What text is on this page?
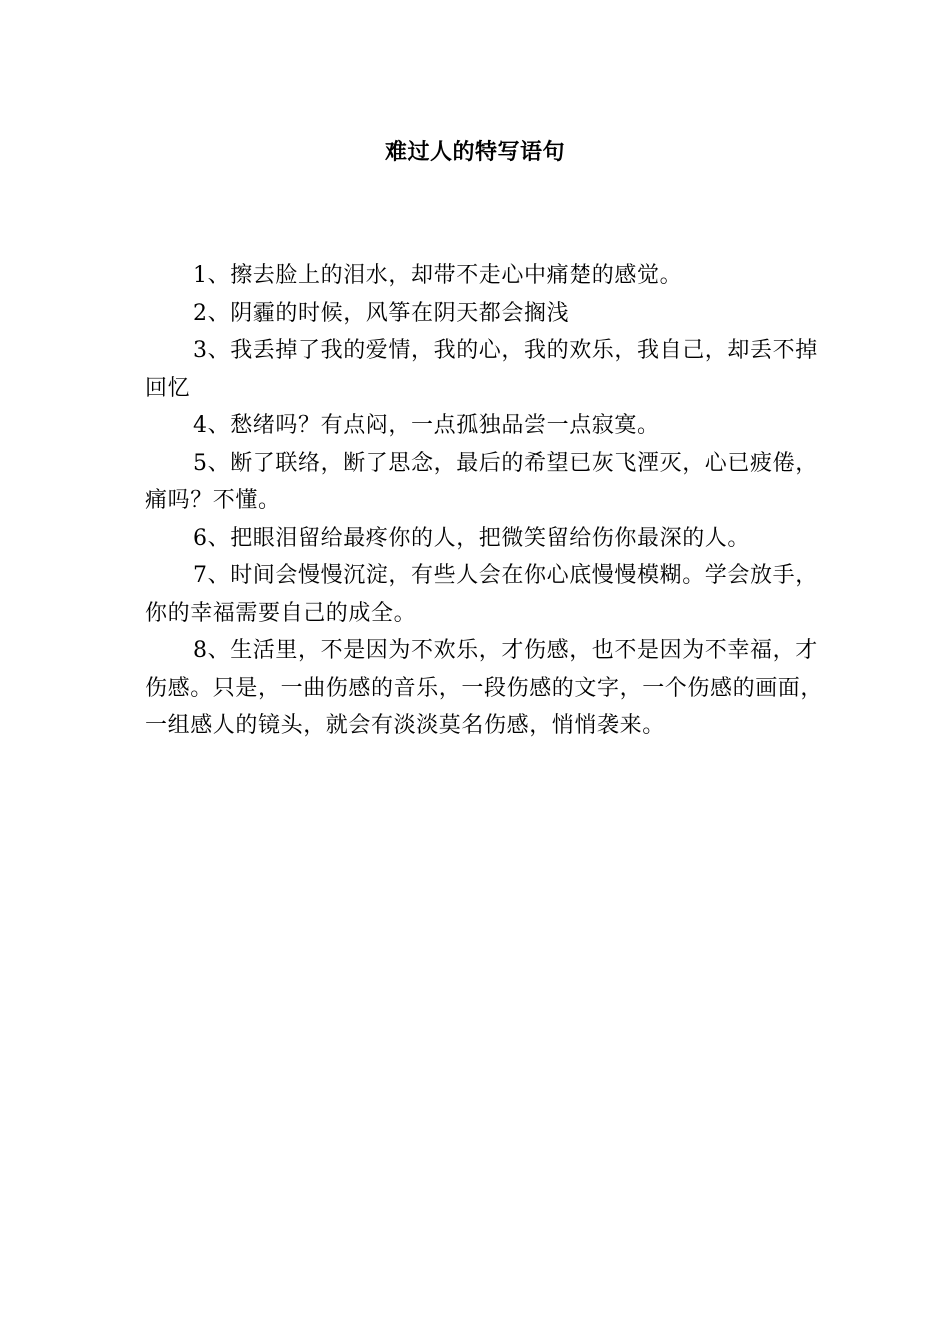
难过人的特写语句

1、擦去脸上的泪水，却带不走心中痛楚的感觉。

2、阴霾的时候，风筝在阴天都会搁浅

3、我丢掉了我的爱情，我的心，我的欢乐，我自己，却丢不掉回忆

4、愁绪吗？有点闷，一点孤独品尝一点寂寞。

5、断了联络，断了思念，最后的希望已灰飞湮灭，心已疲倦，痛吗？不懂。

6、把眼泪留给最疼你的人，把微笑留给伤你最深的人。

7、时间会慢慢沉淀，有些人会在你心底慢慢模糊。学会放手，你的幸福需要自己的成全。

8、生活里，不是因为不欢乐，才伤感，也不是因为不幸福，才伤感。只是，一曲伤感的音乐，一段伤感的文字，一个伤感的画面，一组感人的镜头，就会有淡淡莫名伤感，悄悄袭来。
